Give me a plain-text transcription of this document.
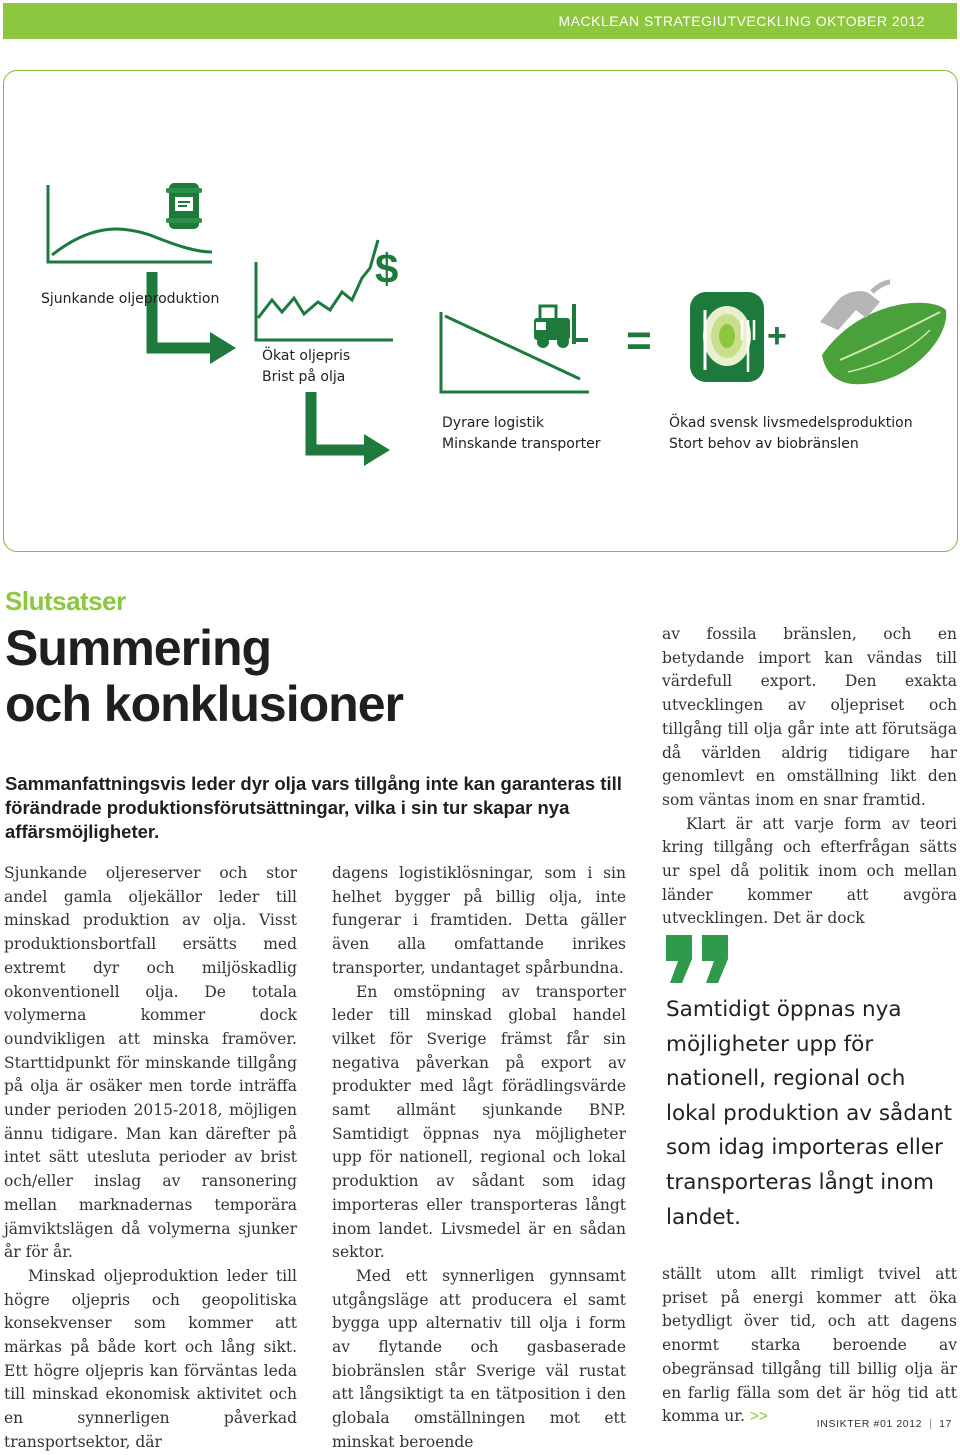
MACKLEAN STRATEGIUTVECKLING OKTOBER 2012
$
=	+
Sjunkande oljeproduktion
Ökat oljepris
Brist på olja
Dyrare logistik
Minskande transporter
Ökad svensk livsmedelsproduktion
Stort behov av biobränslen
Slutsatser
Summering
och konklusioner
Sammanfattningsvis leder dyr olja vars tillgång inte kan garanteras till förändrade produktionsförutsättningar, vilka i sin tur skapar nya affärsmöjligheter.

Sjunkande oljereserver och stor andel gamla oljekällor leder till minskad produktion av olja. Visst produktionsbortfall ersätts med extremt dyr och miljöskadlig okonventionell olja. De totala volymerna kommer dock oundvikligen att minska framöver. Starttidpunkt för minskande tillgång på olja är osäker men torde inträffa under perioden 2015-2018, möjligen ännu tidigare. Man kan därefter på intet sätt utesluta perioder av brist och/eller inslag av ransonering mellan marknadernas temporära jämviktslägen då volymerna sjunker år för år.

Minskad oljeproduktion leder till högre oljepris och geopolitiska konsekvenser som kommer att märkas på både kort och lång sikt. Ett högre oljepris kan förväntas leda till minskad ekonomisk aktivitet och en synnerligen påverkad transportsektor, där

dagens logistiklösningar, som i sin helhet bygger på billig olja, inte fungerar i framtiden. Detta gäller även alla omfattande inrikes transporter, undantaget spårbundna.

En omstöpning av transporter leder till minskad global handel vilket för Sverige främst får sin negativa påverkan på export av produkter med lågt förädlingsvärde samt allmänt sjunkande BNP. Samtidigt öppnas nya möjligheter upp för nationell, regional och lokal produktion av sådant som idag importeras eller transporteras långt inom landet. Livsmedel är en sådan sektor.

Med ett synnerligen gynnsamt utgångsläge att producera el samt bygga upp alternativ till olja i form av flytande och gasbaserade biobränslen står Sverige väl rustat att långsiktigt ta en tätposition i den globala omställningen mot ett minskat beroende

av fossila bränslen, och en betydande import kan vändas till värdefull export. Den exakta utvecklingen av oljepriset och tillgång till olja går inte att förutsäga då världen aldrig tidigare har genomlevt en omställning likt den som väntas inom en snar framtid.

Klart är att varje form av teori kring tillgång och efterfrågan sätts ur spel då politik inom och mellan länder kommer att avgöra utvecklingen. Det är dock

Samtidigt öppnas nya möjligheter upp för nationell, regional och lokal produktion av sådant som idag importeras eller transporteras långt inom landet.

ställt utom allt rimligt tvivel att priset på energi kommer att öka betydligt över tid, och att dagens enormt starka beroende av obegränsad tillgång till billig olja är en farlig fälla som det är hög tid att komma ur. >>	INSIKTER #01 2012 17
